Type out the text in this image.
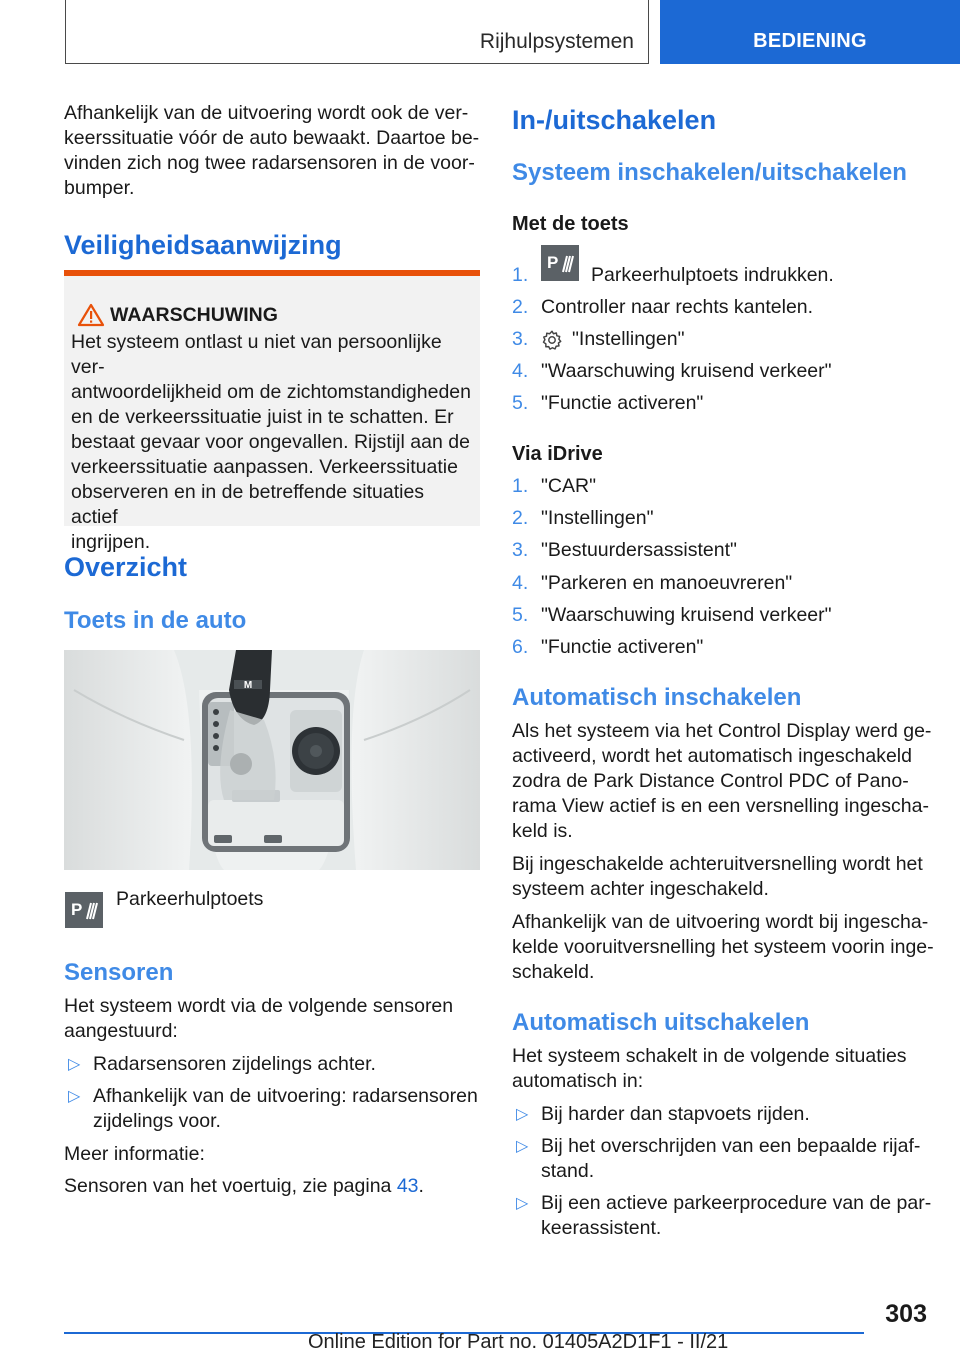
Rijhulpsystemen	BEDIENING

Afhankelijk van de uitvoering wordt ook de ver-

keerssituatie vóór de auto bewaakt. Daartoe be-

vinden zich nog twee radarsensoren in de voor-

bumper.

Veiligheidsaanwijzing
WAARSCHUWING

Het systeem ontlast u niet van persoonlijke ver-

antwoordelijkheid om de zichtomstandigheden

en de verkeerssituatie juist in te schatten. Er

bestaat gevaar voor ongevallen. Rijstijl aan de

verkeerssituatie aanpassen. Verkeerssituatie

observeren en in de betreffende situaties actief

ingrijpen.

Overzicht
Toets in de auto
M
P Parkeerhulptoets
Sensoren

Het systeem wordt via de volgende sensoren

aangestuurd:

▷ Radarsensoren zijdelings achter.

▷ Afhankelijk van de uitvoering: radarsensoren

zijdelings voor.

Meer informatie:
Sensoren van het voertuig, zie pagina 43.
In-/uitschakelen
Systeem inschakelen/uitschakelen
Met de toets
1.
P
Parkeerhulptoets indrukken.
2. Controller naar rechts kantelen.
3. "Instellingen"
4. "Waarschuwing kruisend verkeer"
5. "Functie activeren"
Via iDrive
1. "CAR"
2. "Instellingen"
3. "Bestuurdersassistent"
4. "Parkeren en manoeuvreren"
5. "Waarschuwing kruisend verkeer"
6. "Functie activeren"
Automatisch inschakelen

Als het systeem via het Control Display werd ge-

activeerd, wordt het automatisch ingeschakeld

zodra de Park Distance Control PDC of Pano-

rama View actief is en een versnelling ingescha-

keld is.

Bij ingeschakelde achteruitversnelling wordt het

systeem achter ingeschakeld.

Afhankelijk van de uitvoering wordt bij ingescha-

kelde vooruitversnelling het systeem voorin inge-

schakeld.

Automatisch uitschakelen

Het systeem schakelt in de volgende situaties

automatisch in:

▷ Bij harder dan stapvoets rijden.

▷ Bij het overschrijden van een bepaalde rijaf-

stand.

▷ Bij een actieve parkeerprocedure van de par-

keerassistent.

303
Online Edition for Part no. 01405A2D1F1 - II/21
